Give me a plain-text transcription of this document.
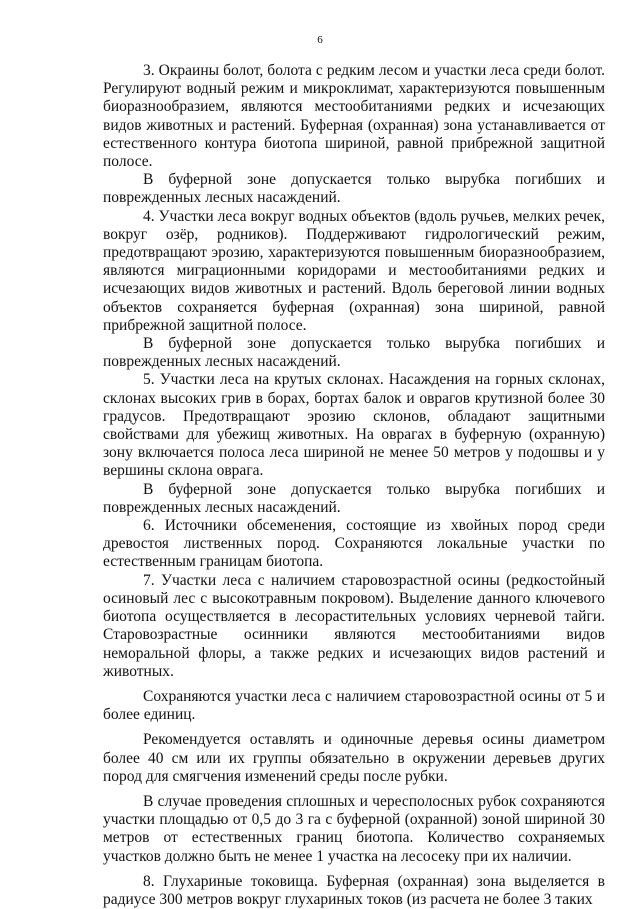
6

3. Окраины болот, болота с редким лесом и участки леса среди болот. Регулируют водный режим и микроклимат, характеризуются повышенным биоразнообразием, являются местообитаниями редких и исчезающих видов животных и растений. Буферная (охранная) зона устанавливается от естественного контура биотопа шириной, равной прибрежной защитной полосе.

В буферной зоне допускается только вырубка погибших и поврежденных лесных насаждений.

4. Участки леса вокруг водных объектов (вдоль ручьев, мелких речек, вокруг озёр, родников). Поддерживают гидрологический режим, предотвращают эрозию, характеризуются повышенным биоразнообразием, являются миграционными коридорами и местообитаниями редких и исчезающих видов животных и растений. Вдоль береговой линии водных объектов сохраняется буферная (охранная) зона шириной, равной прибрежной защитной полосе.

В буферной зоне допускается только вырубка погибших и поврежденных лесных насаждений.

5. Участки леса на крутых склонах. Насаждения на горных склонах, склонах высоких грив в борах, бортах балок и оврагов крутизной более 30 градусов. Предотвращают эрозию склонов, обладают защитными свойствами для убежищ животных. На оврагах в буферную (охранную) зону включается полоса леса шириной не менее 50 метров у подошвы и у вершины склона оврага.

В буферной зоне допускается только вырубка погибших и поврежденных лесных насаждений.

6. Источники обсеменения, состоящие из хвойных пород среди древостоя лиственных пород. Сохраняются локальные участки по естественным границам биотопа.

7. Участки леса с наличием старовозрастной осины (редкостойный осиновый лес с высокотравным покровом). Выделение данного ключевого биотопа осуществляется в лесорастительных условиях черневой тайги. Старовозрастные осинники являются местообитаниями видов неморальной флоры, а также редких и исчезающих видов растений и животных.

Сохраняются участки леса с наличием старовозрастной осины от 5 и более единиц.

Рекомендуется оставлять и одиночные деревья осины диаметром более 40 см или их группы обязательно в окружении деревьев других пород для смягчения изменений среды после рубки.

В случае проведения сплошных и чересполосных рубок сохраняются участки площадью от 0,5 до 3 га с буферной (охранной) зоной шириной 30 метров от естественных границ биотопа. Количество сохраняемых участков должно быть не менее 1 участка на лесосеку при их наличии.

8. Глухариные токовища. Буферная (охранная) зона выделяется в радиусе 300 метров вокруг глухариных токов (из расчета не более 3 таких
